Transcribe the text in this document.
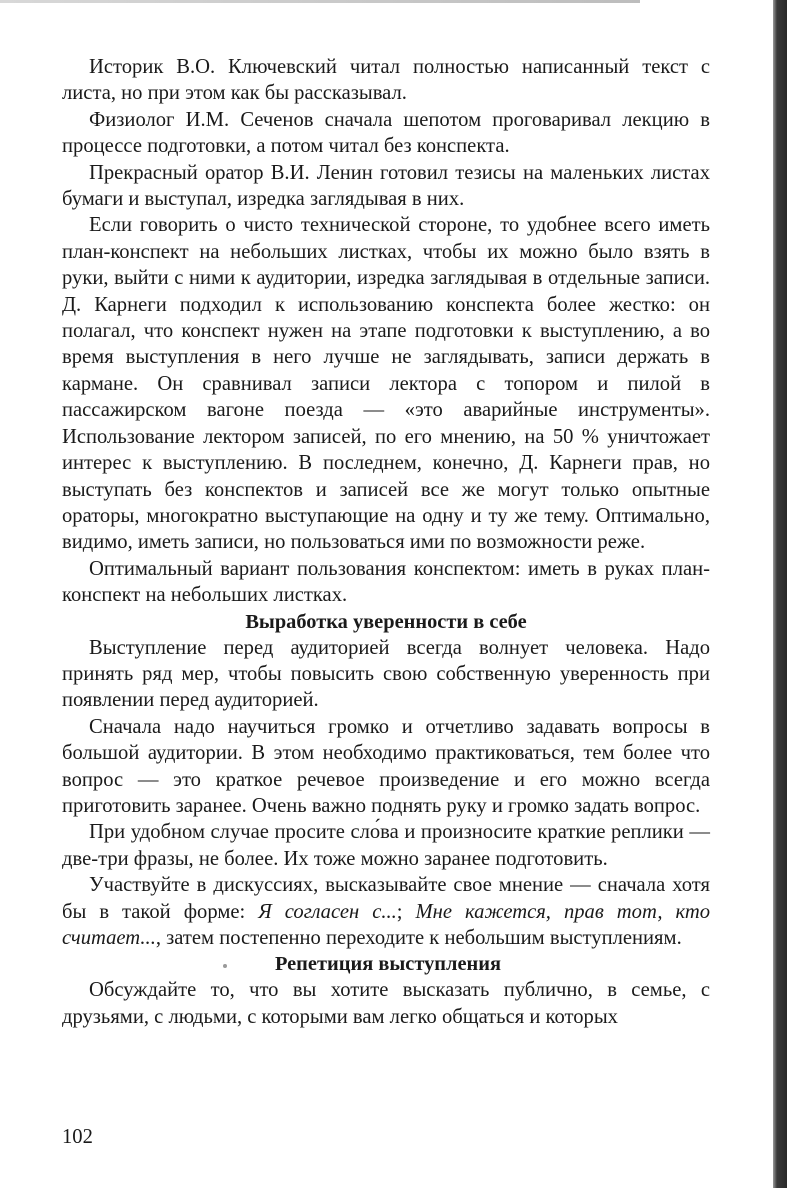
Историк В.О. Ключевский читал полностью написанный текст с листа, но при этом как бы рассказывал.

Физиолог И.М. Сеченов сначала шепотом проговаривал лекцию в процессе подготовки, а потом читал без конспекта.

Прекрасный оратор В.И. Ленин готовил тезисы на маленьких листах бумаги и выступал, изредка заглядывая в них.

Если говорить о чисто технической стороне, то удобнее всего иметь план-конспект на небольших листках, чтобы их можно было взять в руки, выйти с ними к аудитории, изредка заглядывая в отдельные записи. Д. Карнеги подходил к использованию конспекта более жестко: он полагал, что конспект нужен на этапе подготовки к выступлению, а во время выступления в него лучше не заглядывать, записи держать в кармане. Он сравнивал записи лектора с топором и пилой в пассажирском вагоне поезда — «это аварийные инструменты». Использование лектором записей, по его мнению, на 50 % уничтожает интерес к выступлению. В последнем, конечно, Д. Карнеги прав, но выступать без конспектов и записей все же могут только опытные ораторы, многократно выступающие на одну и ту же тему. Оптимально, видимо, иметь записи, но пользоваться ими по возможности реже.

Оптимальный вариант пользования конспектом: иметь в руках план-конспект на небольших листках.

Выработка уверенности в себе

Выступление перед аудиторией всегда волнует человека. Надо принять ряд мер, чтобы повысить свою собственную уверенность при появлении перед аудиторией.

Сначала надо научиться громко и отчетливо задавать вопросы в большой аудитории. В этом необходимо практиковаться, тем более что вопрос — это краткое речевое произведение и его можно всегда приготовить заранее. Очень важно поднять руку и громко задать вопрос.

При удобном случае просите сло́ва и произносите краткие реплики — две-три фразы, не более. Их тоже можно заранее подготовить.

Участвуйте в дискуссиях, высказывайте свое мнение — сначала хотя бы в такой форме: Я согласен с...; Мне кажется, прав тот, кто считает..., затем постепенно переходите к небольшим выступлениям.

Репетиция выступления

Обсуждайте то, что вы хотите высказать публично, в семье, с друзьями, с людьми, с которыми вам легко общаться и которых

102
